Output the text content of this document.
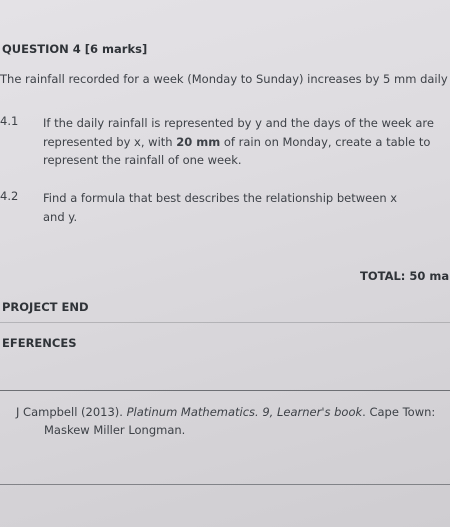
QUESTION 4 [6 marks]
The rainfall recorded for a week (Monday to Sunday) increases by 5 mm daily
4.1 If the daily rainfall is represented by y and the days of the week are
represented by x, with 20 mm of rain on Monday, create a table to
represent the rainfall of one week.
4.2 Find a formula that best describes the relationship between x
and y.
TOTAL: 50 ma
PROJECT END
EFERENCES
J Campbell (2013). Platinum Mathematics. 9, Learner's book. Cape Town:
Maskew Miller Longman.
